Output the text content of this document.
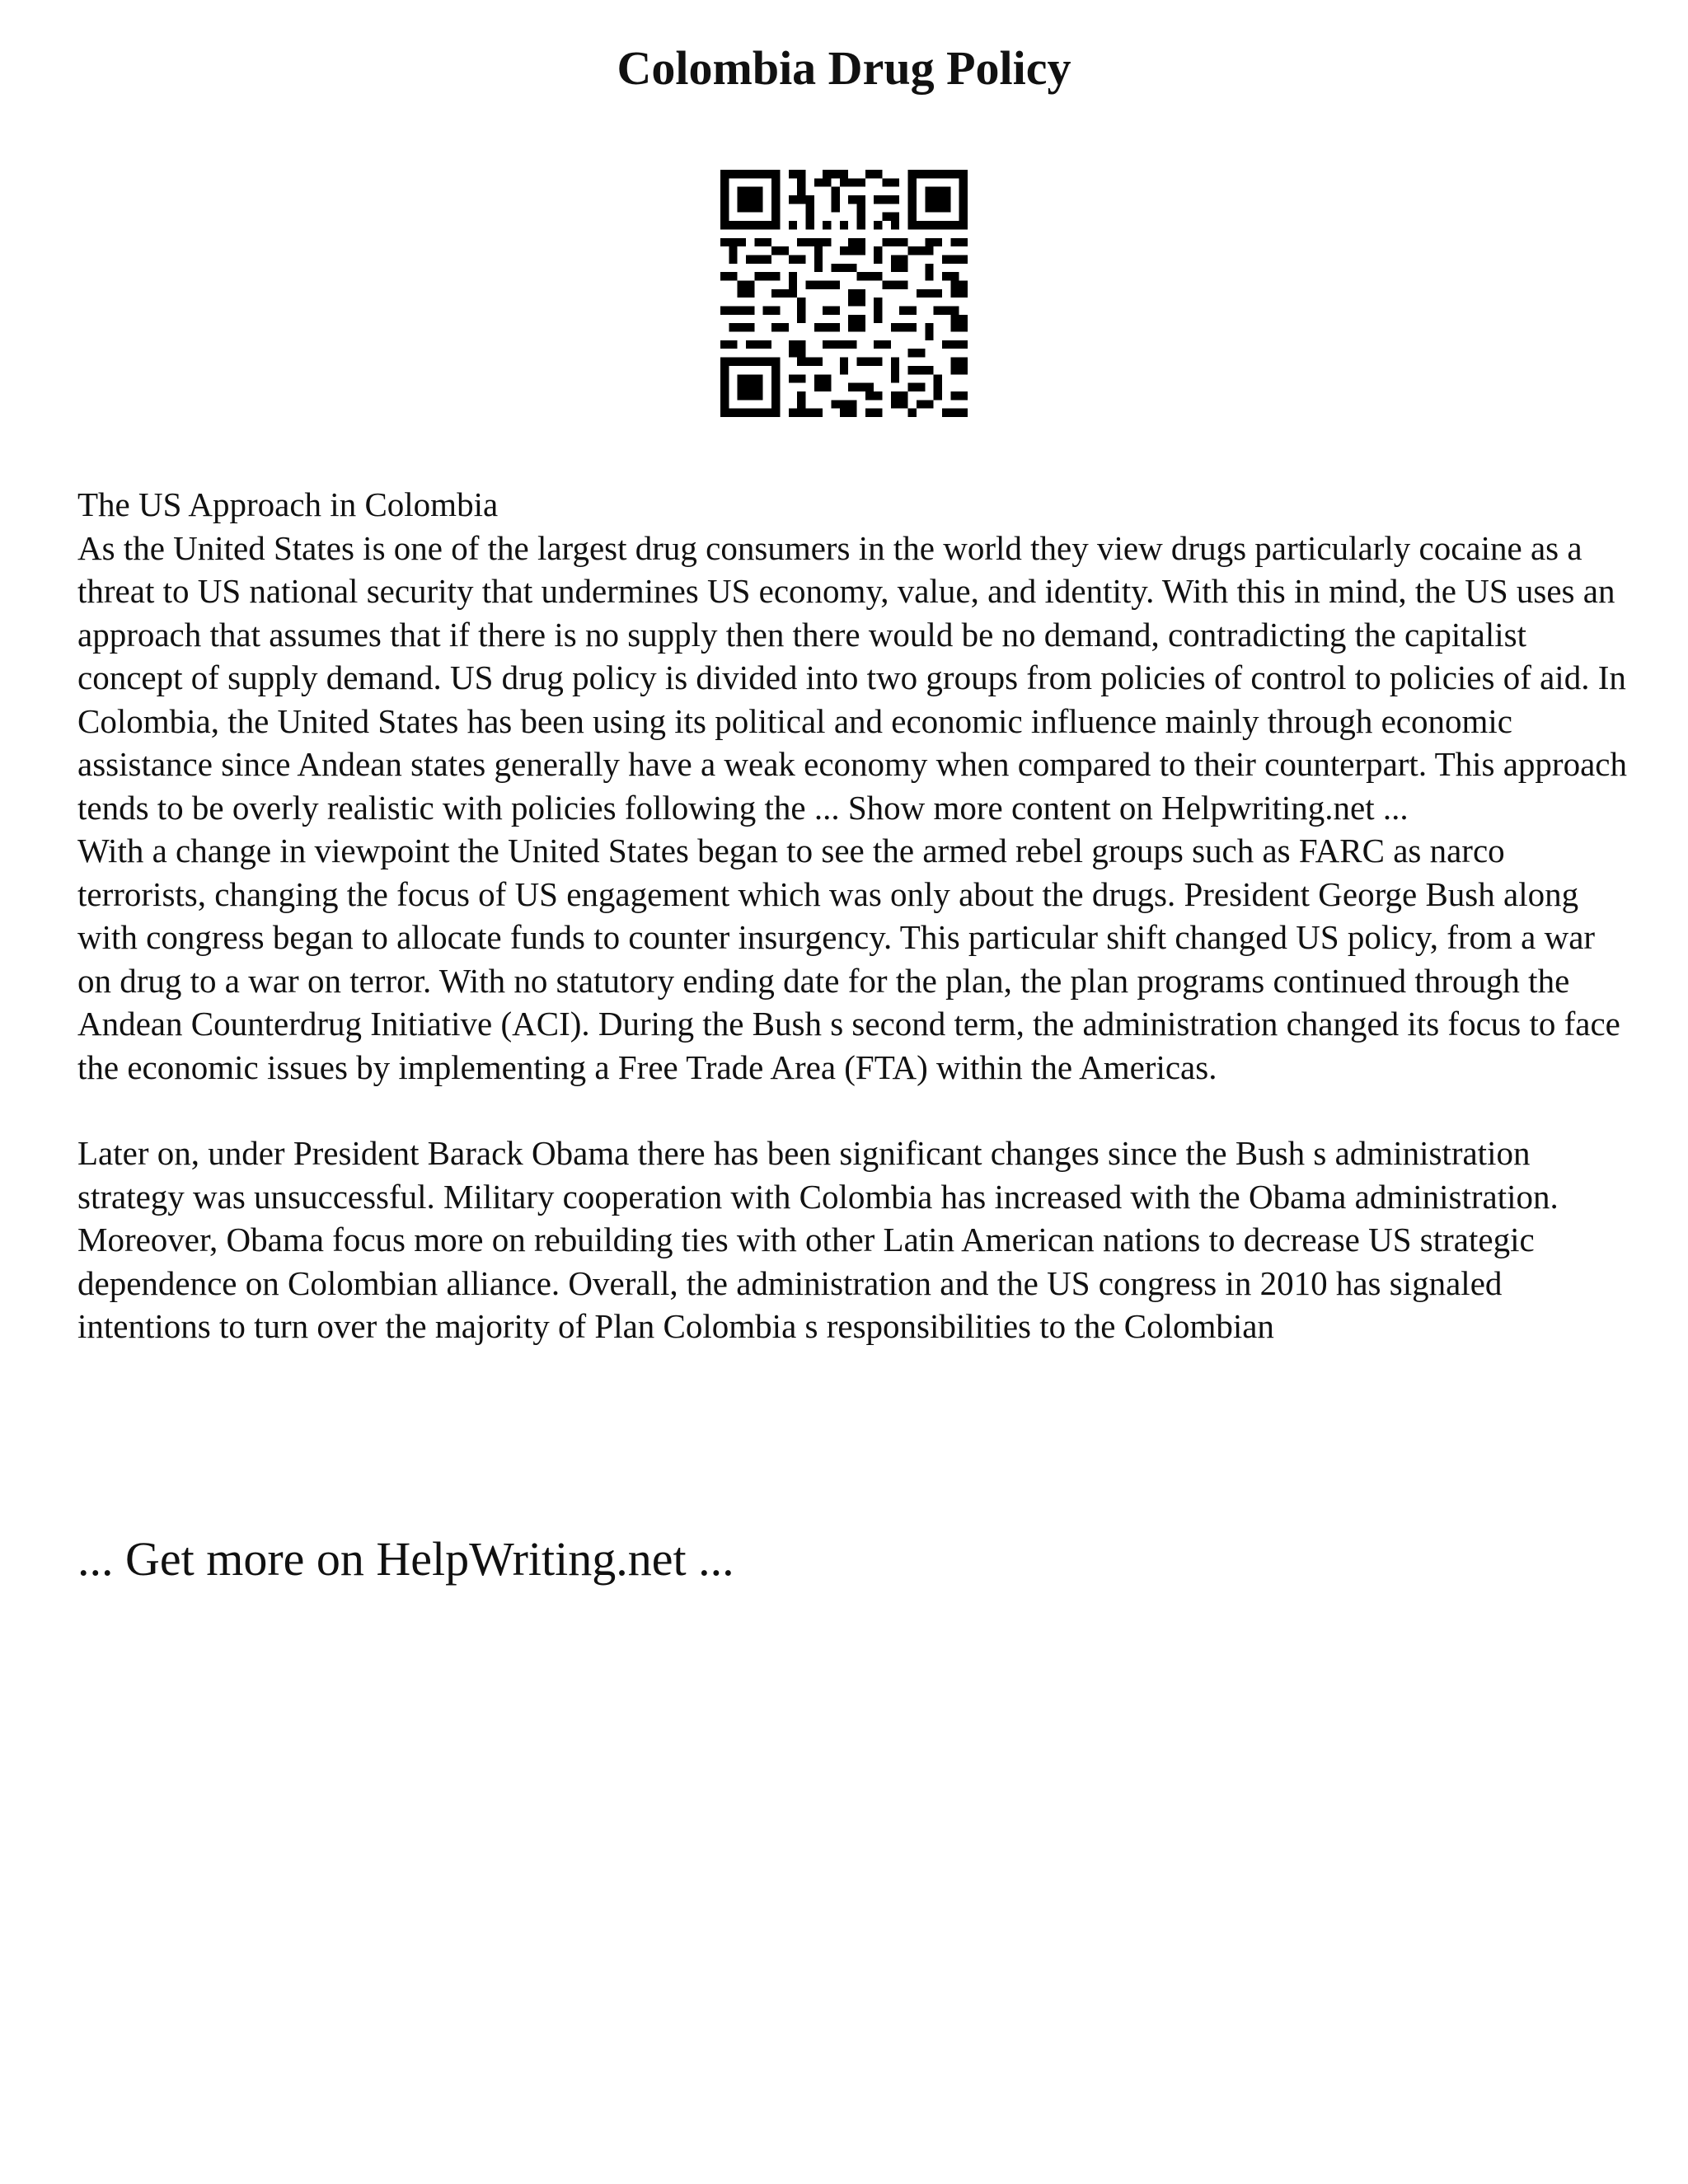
Colombia Drug Policy

The US Approach in Colombia

As the United States is one of the largest drug consumers in the world they view drugs particularly cocaine as a threat to US national security that undermines US economy, value, and identity. With this in mind, the US uses an approach that assumes that if there is no supply then there would be no demand, contradicting the capitalist concept of supply demand. US drug policy is divided into two groups from policies of control to policies of aid. In Colombia, the United States has been using its political and economic influence mainly through economic assistance since Andean states generally have a weak economy when compared to their counterpart. This approach tends to be overly realistic with policies following the ... Show more content on Helpwriting.net ...

With a change in viewpoint the United States began to see the armed rebel groups such as FARC as narco terrorists, changing the focus of US engagement which was only about the drugs. President George Bush along with congress began to allocate funds to counter insurgency. This particular shift changed US policy, from a war on drug to a war on terror. With no statutory ending date for the plan, the plan programs continued through the Andean Counterdrug Initiative (ACI). During the Bush s second term, the administration changed its focus to face the economic issues by implementing a Free Trade Area (FTA) within the Americas.

Later on, under President Barack Obama there has been significant changes since the Bush s administration strategy was unsuccessful. Military cooperation with Colombia has increased with the Obama administration. Moreover, Obama focus more on rebuilding ties with other Latin American nations to decrease US strategic dependence on Colombian alliance. Overall, the administration and the US congress in 2010 has signaled intentions to turn over the majority of Plan Colombia s responsibilities to the Colombian

... Get more on HelpWriting.net ...
